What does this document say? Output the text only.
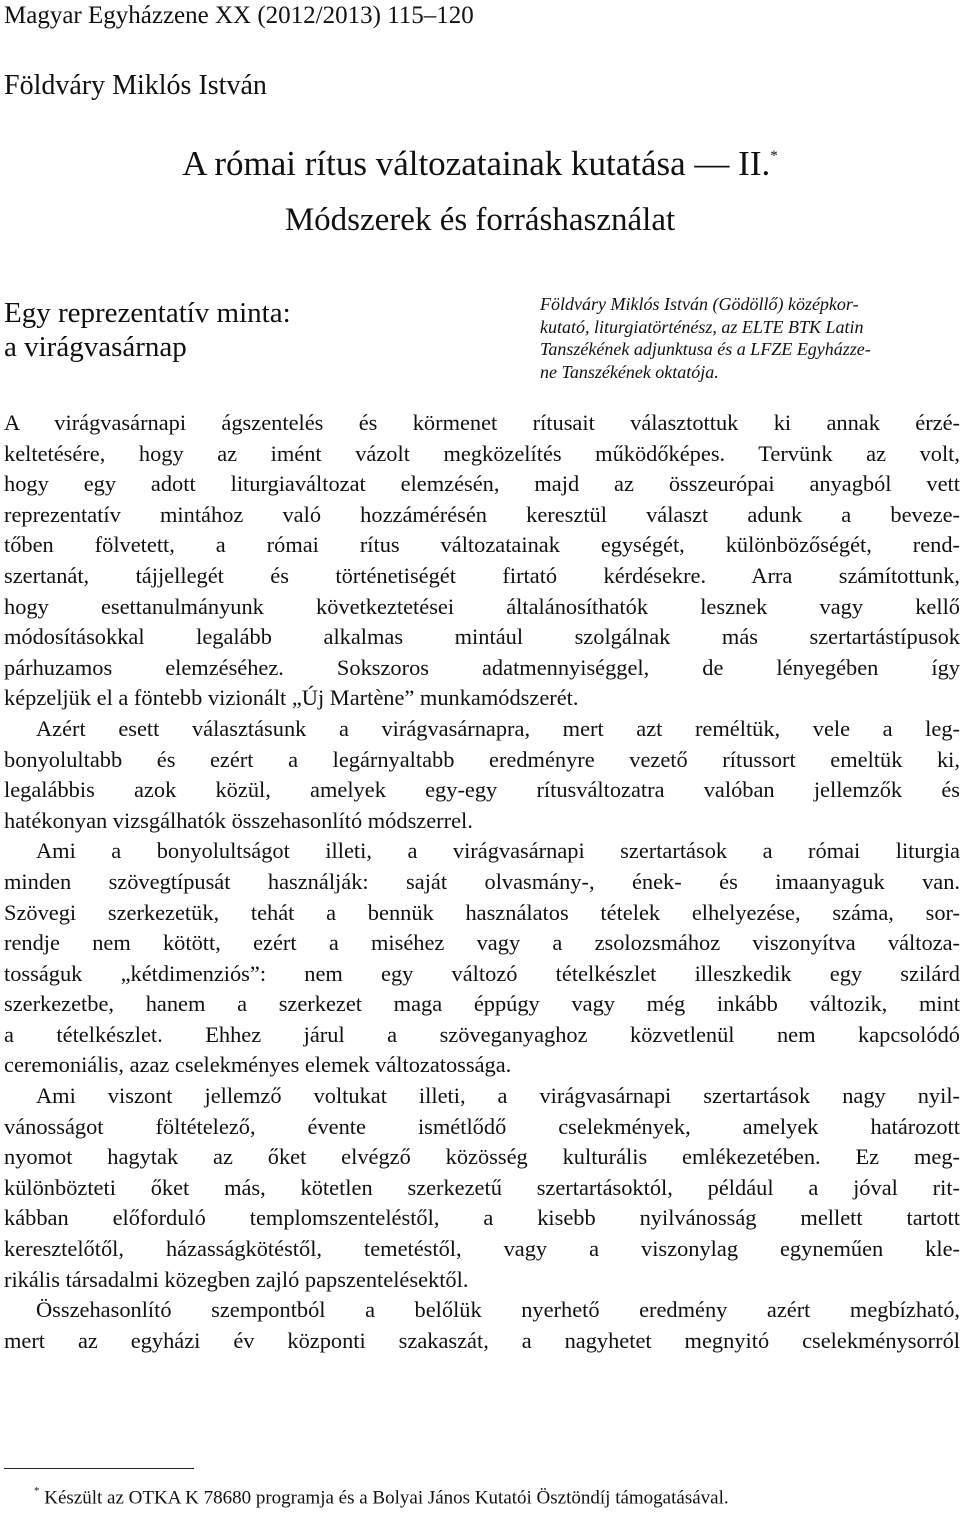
Magyar Egyházzene XX (2012/2013) 115–120
Földváry Miklós István
A római rítus változatainak kutatása — II.*
Módszerek és forráshasználat
Egy reprezentatív minta:
a virágvasárnap
Földváry Miklós István (Gödöllő) középkor-
kutató, liturgiatörténész, az ELTE BTK Latin
Tanszékének adjunktusa és a LFZE Egyházze-
ne Tanszékének oktatója.
A virágvasárnapi ágszentelés és körmenet rítusait választottuk ki annak érzé-
keltetésére, hogy az imént vázolt megközelítés működőképes. Tervünk az volt,
hogy egy adott liturgiaváltozat elemzésén, majd az összeurópai anyagból vett
reprezentatív mintához való hozzámérésén keresztül választ adunk a beveze-
tőben fölvetett, a római rítus változatainak egységét, különbözőségét, rend-
szertanát, tájjellegét és történetiségét firtató kérdésekre. Arra számítottunk,
hogy esettanulmányunk következtetései általánosíthatók lesznek vagy kellő
módosításokkal legalább alkalmas mintául szolgálnak más szertartástípusok
párhuzamos elemzéséhez. Sokszoros adatmennyiséggel, de lényegében így
képzeljük el a föntebb vizionált „Új Martène” munkamódszerét.
Azért esett választásunk a virágvasárnapra, mert azt reméltük, vele a leg-
bonyolultabb és ezért a legárnyaltabb eredményre vezető rítussort emeltük ki,
legalábbis azok közül, amelyek egy-egy rítusváltozatra valóban jellemzők és
hatékonyan vizsgálhatók összehasonlító módszerrel.
Ami a bonyolultságot illeti, a virágvasárnapi szertartások a római liturgia
minden szövegtípusát használják: saját olvasmány-, ének- és imaanyaguk van.
Szövegi szerkezetük, tehát a bennük használatos tételek elhelyezése, száma, sor-
rendje nem kötött, ezért a miséhez vagy a zsolozsmához viszonyítva változa-
tosságuk „kétdimenziós”: nem egy változó tételkészlet illeszkedik egy szilárd
szerkezetbe, hanem a szerkezet maga éppúgy vagy még inkább változik, mint
a tételkészlet. Ehhez járul a szöveganyaghoz közvetlenül nem kapcsolódó
ceremoniális, azaz cselekményes elemek változatossága.
Ami viszont jellemző voltukat illeti, a virágvasárnapi szertartások nagy nyil-
vánosságot föltételező, évente ismétlődő cselekmények, amelyek határozott
nyomot hagytak az őket elvégző közösség kulturális emlékezetében. Ez meg-
különbözteti őket más, kötetlen szerkezetű szertartásoktól, például a jóval rit-
kábban előforduló templomszenteléstől, a kisebb nyilvánosság mellett tartott
keresztelőtől, házasságkötéstől, temetéstől, vagy a viszonylag egyneműen kle-
rikális társadalmi közegben zajló papszentelésektől.
Összehasonlító szempontból a belőlük nyerhető eredmény azért megbízható,
mert az egyházi év központi szakaszát, a nagyhetet megnyitó cselekménysorról
* Készült az OTKA K 78680 programja és a Bolyai János Kutatói Ösztöndíj támogatásával.
